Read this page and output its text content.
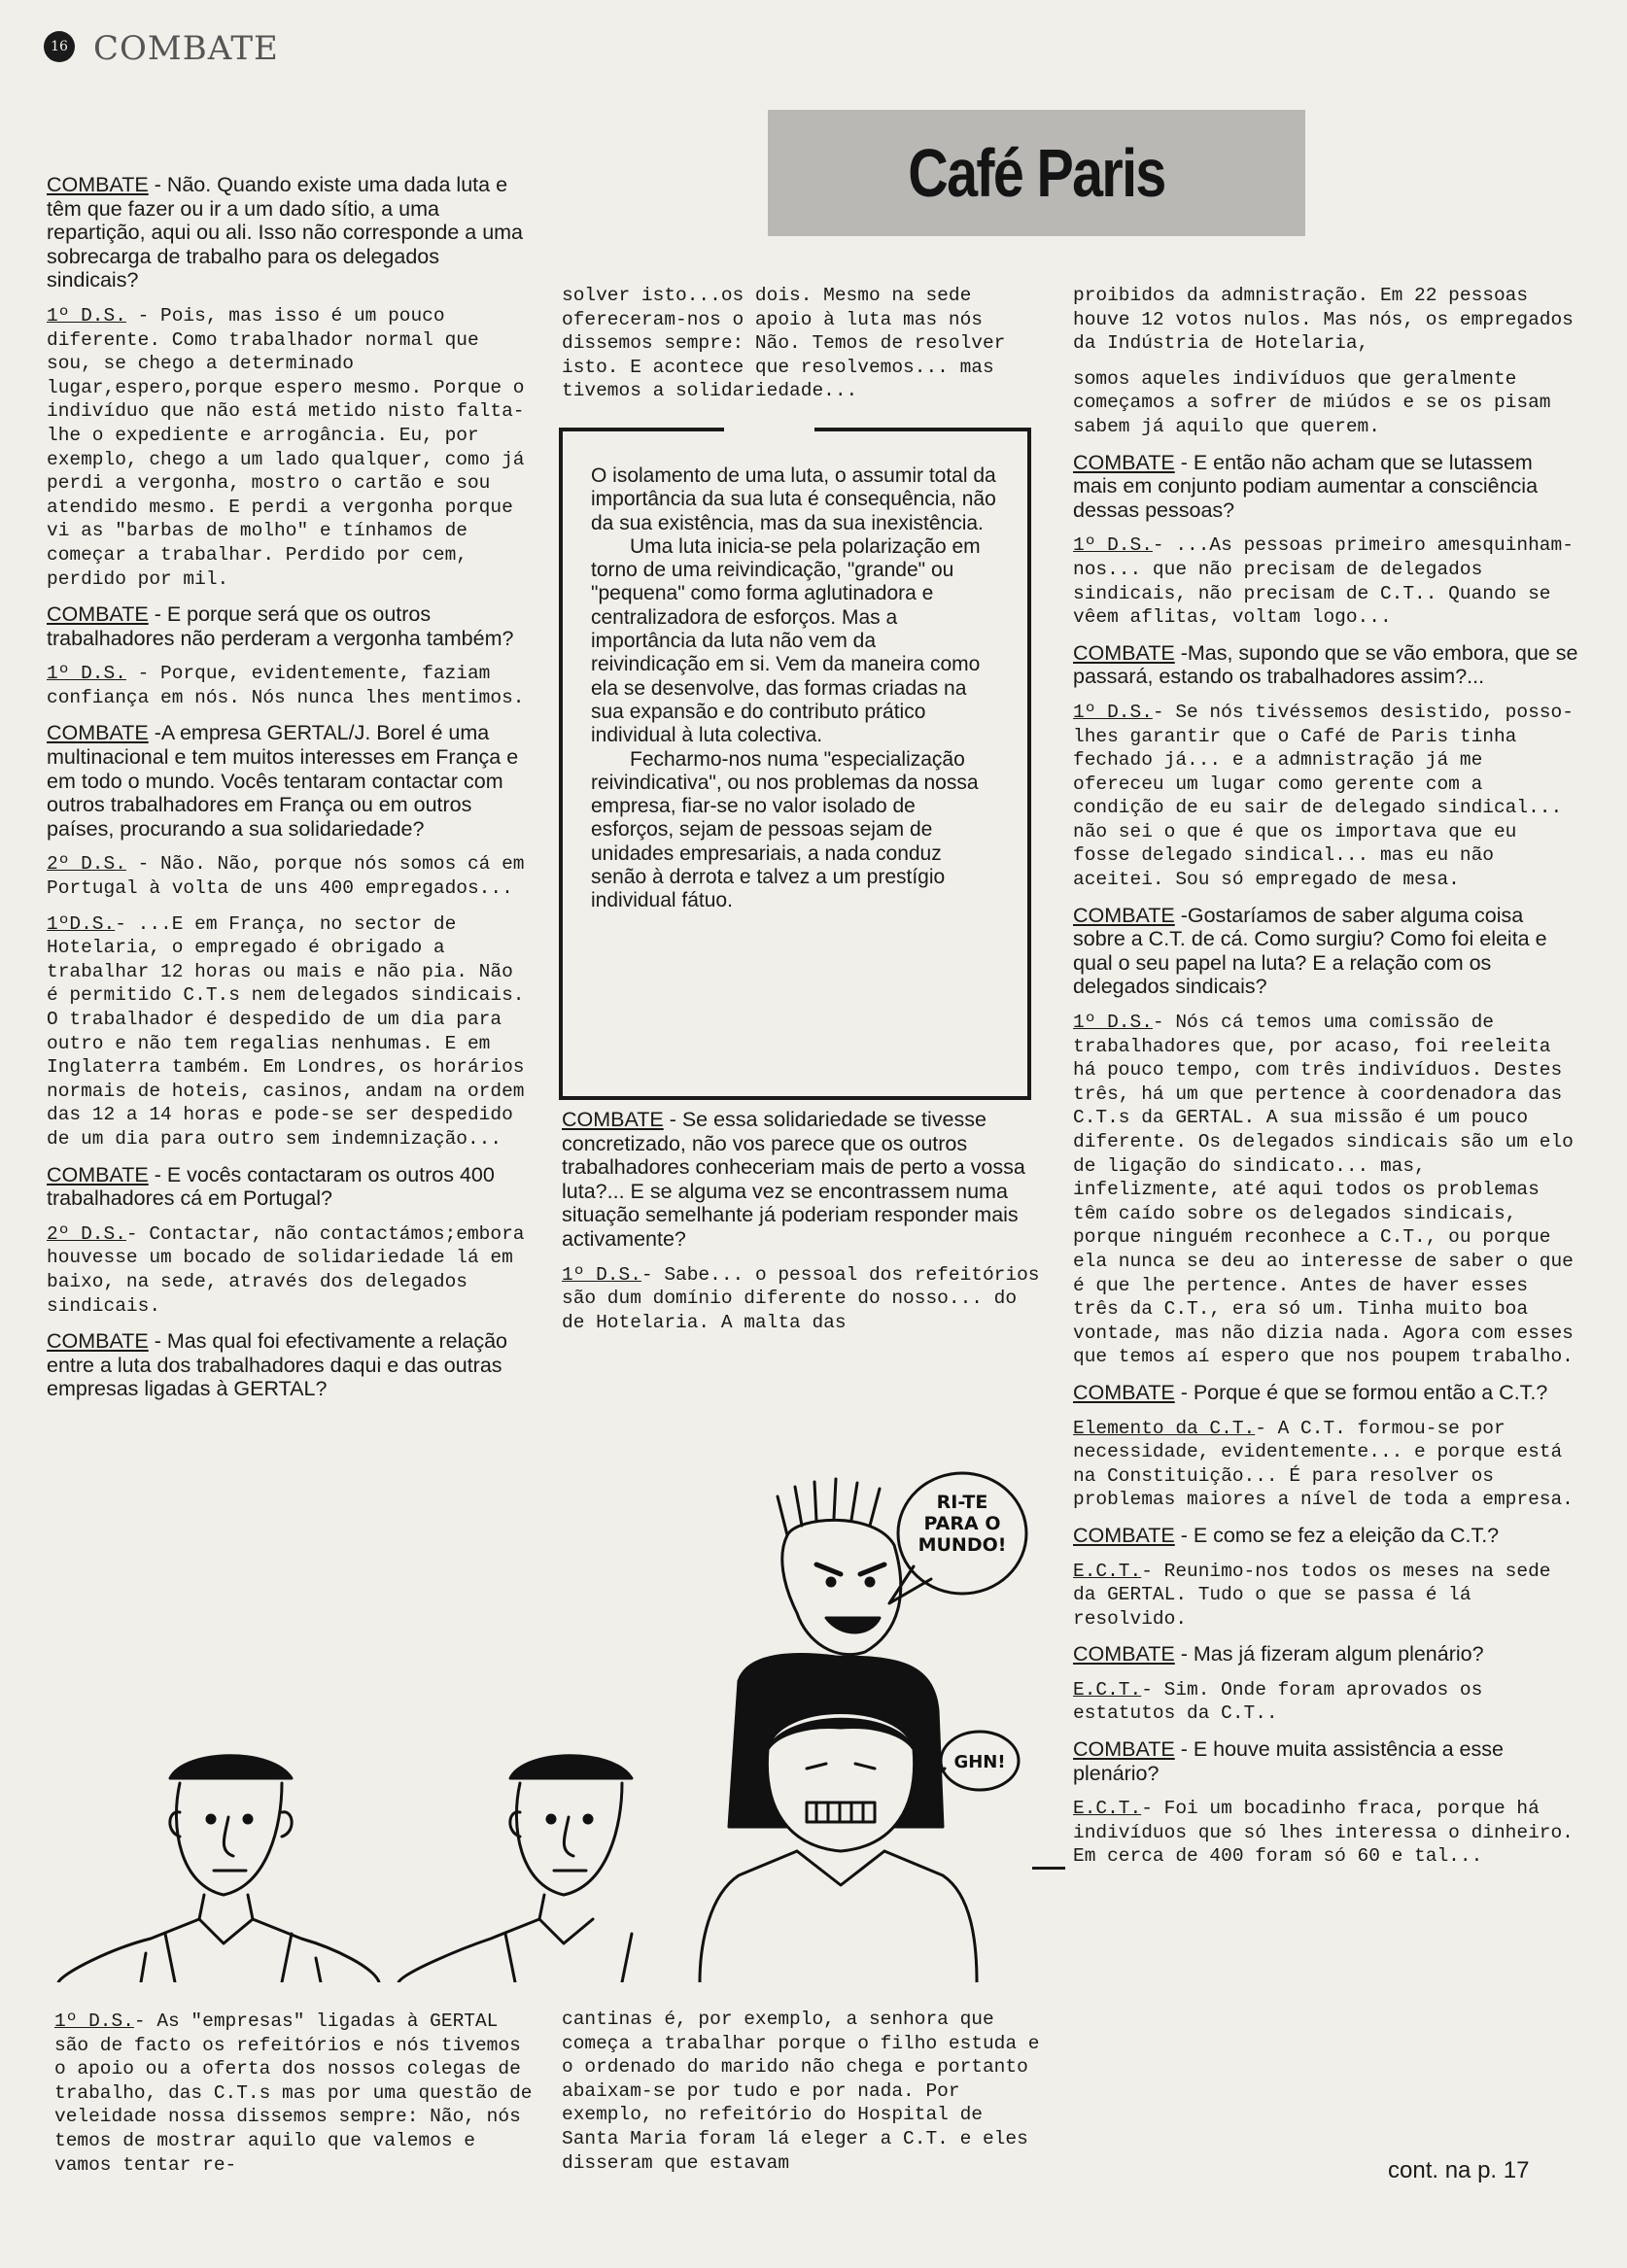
16 COMBATE
Café Paris

COMBATE - Não. Quando existe uma dada luta e têm que fazer ou ir a um dado sítio, a uma repartição, aqui ou ali. Isso não corresponde a uma sobrecarga de trabalho para os delegados sindicais?

1º D.S. - Pois, mas isso é um pouco diferente. Como trabalhador normal que sou, se chego a determinado lugar,espero,porque espero mesmo. Porque o indivíduo que não está metido nisto falta-lhe o expediente e arrogância. Eu, por exemplo, chego a um lado qualquer, como já perdi a vergonha, mostro o cartão e sou atendido mesmo. E perdi a vergonha porque vi as "barbas de molho" e tínhamos de começar a trabalhar. Perdido por cem, perdido por mil.

COMBATE - E porque será que os outros trabalhadores não perderam a vergonha também?

1º D.S. - Porque, evidentemente, faziam confiança em nós. Nós nunca lhes mentimos.

COMBATE -A empresa GERTAL/J. Borel é uma multinacional e tem muitos interesses em França e em todo o mundo. Vocês tentaram contactar com outros trabalhadores em França ou em outros países, procurando a sua solidariedade?

2º D.S. - Não. Não, porque nós somos cá em Portugal à volta de uns 400 empregados...

1ºD.S.- ...E em França, no sector de Hotelaria, o empregado é obrigado a trabalhar 12 horas ou mais e não pia. Não é permitido C.T.s nem delegados sindicais. O trabalhador é despedido de um dia para outro e não tem regalias nenhumas. E em Inglaterra também. Em Londres, os horários normais de hoteis, casinos, andam na ordem das 12 a 14 horas e pode-se ser despedido de um dia para outro sem indemnização...

COMBATE - E vocês contactaram os outros 400 trabalhadores cá em Portugal?

2º D.S.- Contactar, não contactámos;embora houvesse um bocado de solidariedade lá em baixo, na sede, através dos delegados sindicais.

COMBATE - Mas qual foi efectivamente a relação entre a luta dos trabalhadores daqui e das outras empresas ligadas à GERTAL?

1º D.S.- As "empresas" ligadas à GERTAL são de facto os refeitórios e nós tivemos o apoio ou a oferta dos nossos colegas de trabalho, das C.T.s mas por uma questão de veleidade nossa dissemos sempre: Não, nós temos de mostrar aquilo que valemos e vamos tentar re-

solver isto...os dois. Mesmo na sede ofereceram-nos o apoio à luta mas nós dissemos sempre: Não. Temos de resolver isto. E acontece que resolvemos... mas tivemos a solidariedade...

O isolamento de uma luta, o assumir total da importância da sua luta é consequência, não da sua existência, mas da sua inexistência.

Uma luta inicia-se pela polarização em torno de uma reivindicação, "grande" ou "pequena" como forma aglutinadora e centralizadora de esforços. Mas a importância da luta não vem da reivindicação em si. Vem da maneira como ela se desenvolve, das formas criadas na sua expansão e do contributo prático individual à luta colectiva.

Fecharmo-nos numa "especialização reivindicativa", ou nos problemas da nossa empresa, fiar-se no valor isolado de esforços, sejam de pessoas sejam de unidades empresariais, a nada conduz senão à derrota e talvez a um prestígio individual fátuo.

COMBATE - Se essa solidariedade se tivesse concretizado, não vos parece que os outros trabalhadores conheceriam mais de perto a vossa luta?... E se alguma vez se encontrassem numa situação semelhante já poderiam responder mais activamente?

1º D.S.- Sabe... o pessoal dos refeitórios são dum domínio diferente do nosso... do de Hotelaria. A malta das

RI-TE PARA O MUNDO!
GHN!

cantinas é, por exemplo, a senhora que começa a trabalhar porque o filho estuda e o ordenado do marido não chega e portanto abaixam-se por tudo e por nada. Por exemplo, no refeitório do Hospital de Santa Maria foram lá eleger a C.T. e eles disseram que estavam

proibidos da admnistração. Em 22 pessoas houve 12 votos nulos. Mas nós, os empregados da Indústria de Hotelaria,

somos aqueles indivíduos que geralmente começamos a sofrer de miúdos e se os pisam sabem já aquilo que querem.

COMBATE - E então não acham que se lutassem mais em conjunto podiam aumentar a consciência dessas pessoas?

1º D.S.- ...As pessoas primeiro amesquinham-nos... que não precisam de delegados sindicais, não precisam de C.T.. Quando se vêem aflitas, voltam logo...

COMBATE -Mas, supondo que se vão embora, que se passará, estando os trabalhadores assim?...

1º D.S.- Se nós tivéssemos desistido, posso-lhes garantir que o Café de Paris tinha fechado já... e a admnistração já me ofereceu um lugar como gerente com a condição de eu sair de delegado sindical... não sei o que é que os importava que eu fosse delegado sindical... mas eu não aceitei. Sou só empregado de mesa.

COMBATE -Gostaríamos de saber alguma coisa sobre a C.T. de cá. Como surgiu? Como foi eleita e qual o seu papel na luta? E a relação com os delegados sindicais?

1º D.S.- Nós cá temos uma comissão de trabalhadores que, por acaso, foi reeleita há pouco tempo, com três indivíduos. Destes três, há um que pertence à coordenadora das C.T.s da GERTAL. A sua missão é um pouco diferente. Os delegados sindicais são um elo de ligação do sindicato... mas, infelizmente, até aqui todos os problemas têm caído sobre os delegados sindicais, porque ninguém reconhece a C.T., ou porque ela nunca se deu ao interesse de saber o que é que lhe pertence. Antes de haver esses três da C.T., era só um. Tinha muito boa vontade, mas não dizia nada. Agora com esses que temos aí espero que nos poupem trabalho.

COMBATE - Porque é que se formou então a C.T.?

Elemento da C.T.- A C.T. formou-se por necessidade, evidentemente... e porque está na Constituição... É para resolver os problemas maiores a nível de toda a empresa.

COMBATE - E como se fez a eleição da C.T.?

E.C.T.- Reunimo-nos todos os meses na sede da GERTAL. Tudo o que se passa é lá resolvido.

COMBATE - Mas já fizeram algum plenário?

E.C.T.- Sim. Onde foram aprovados os estatutos da C.T..

COMBATE - E houve muita assistência a esse plenário?

E.C.T.- Foi um bocadinho fraca, porque há indivíduos que só lhes interessa o dinheiro. Em cerca de 400 foram só 60 e tal...

cont. na p. 17
